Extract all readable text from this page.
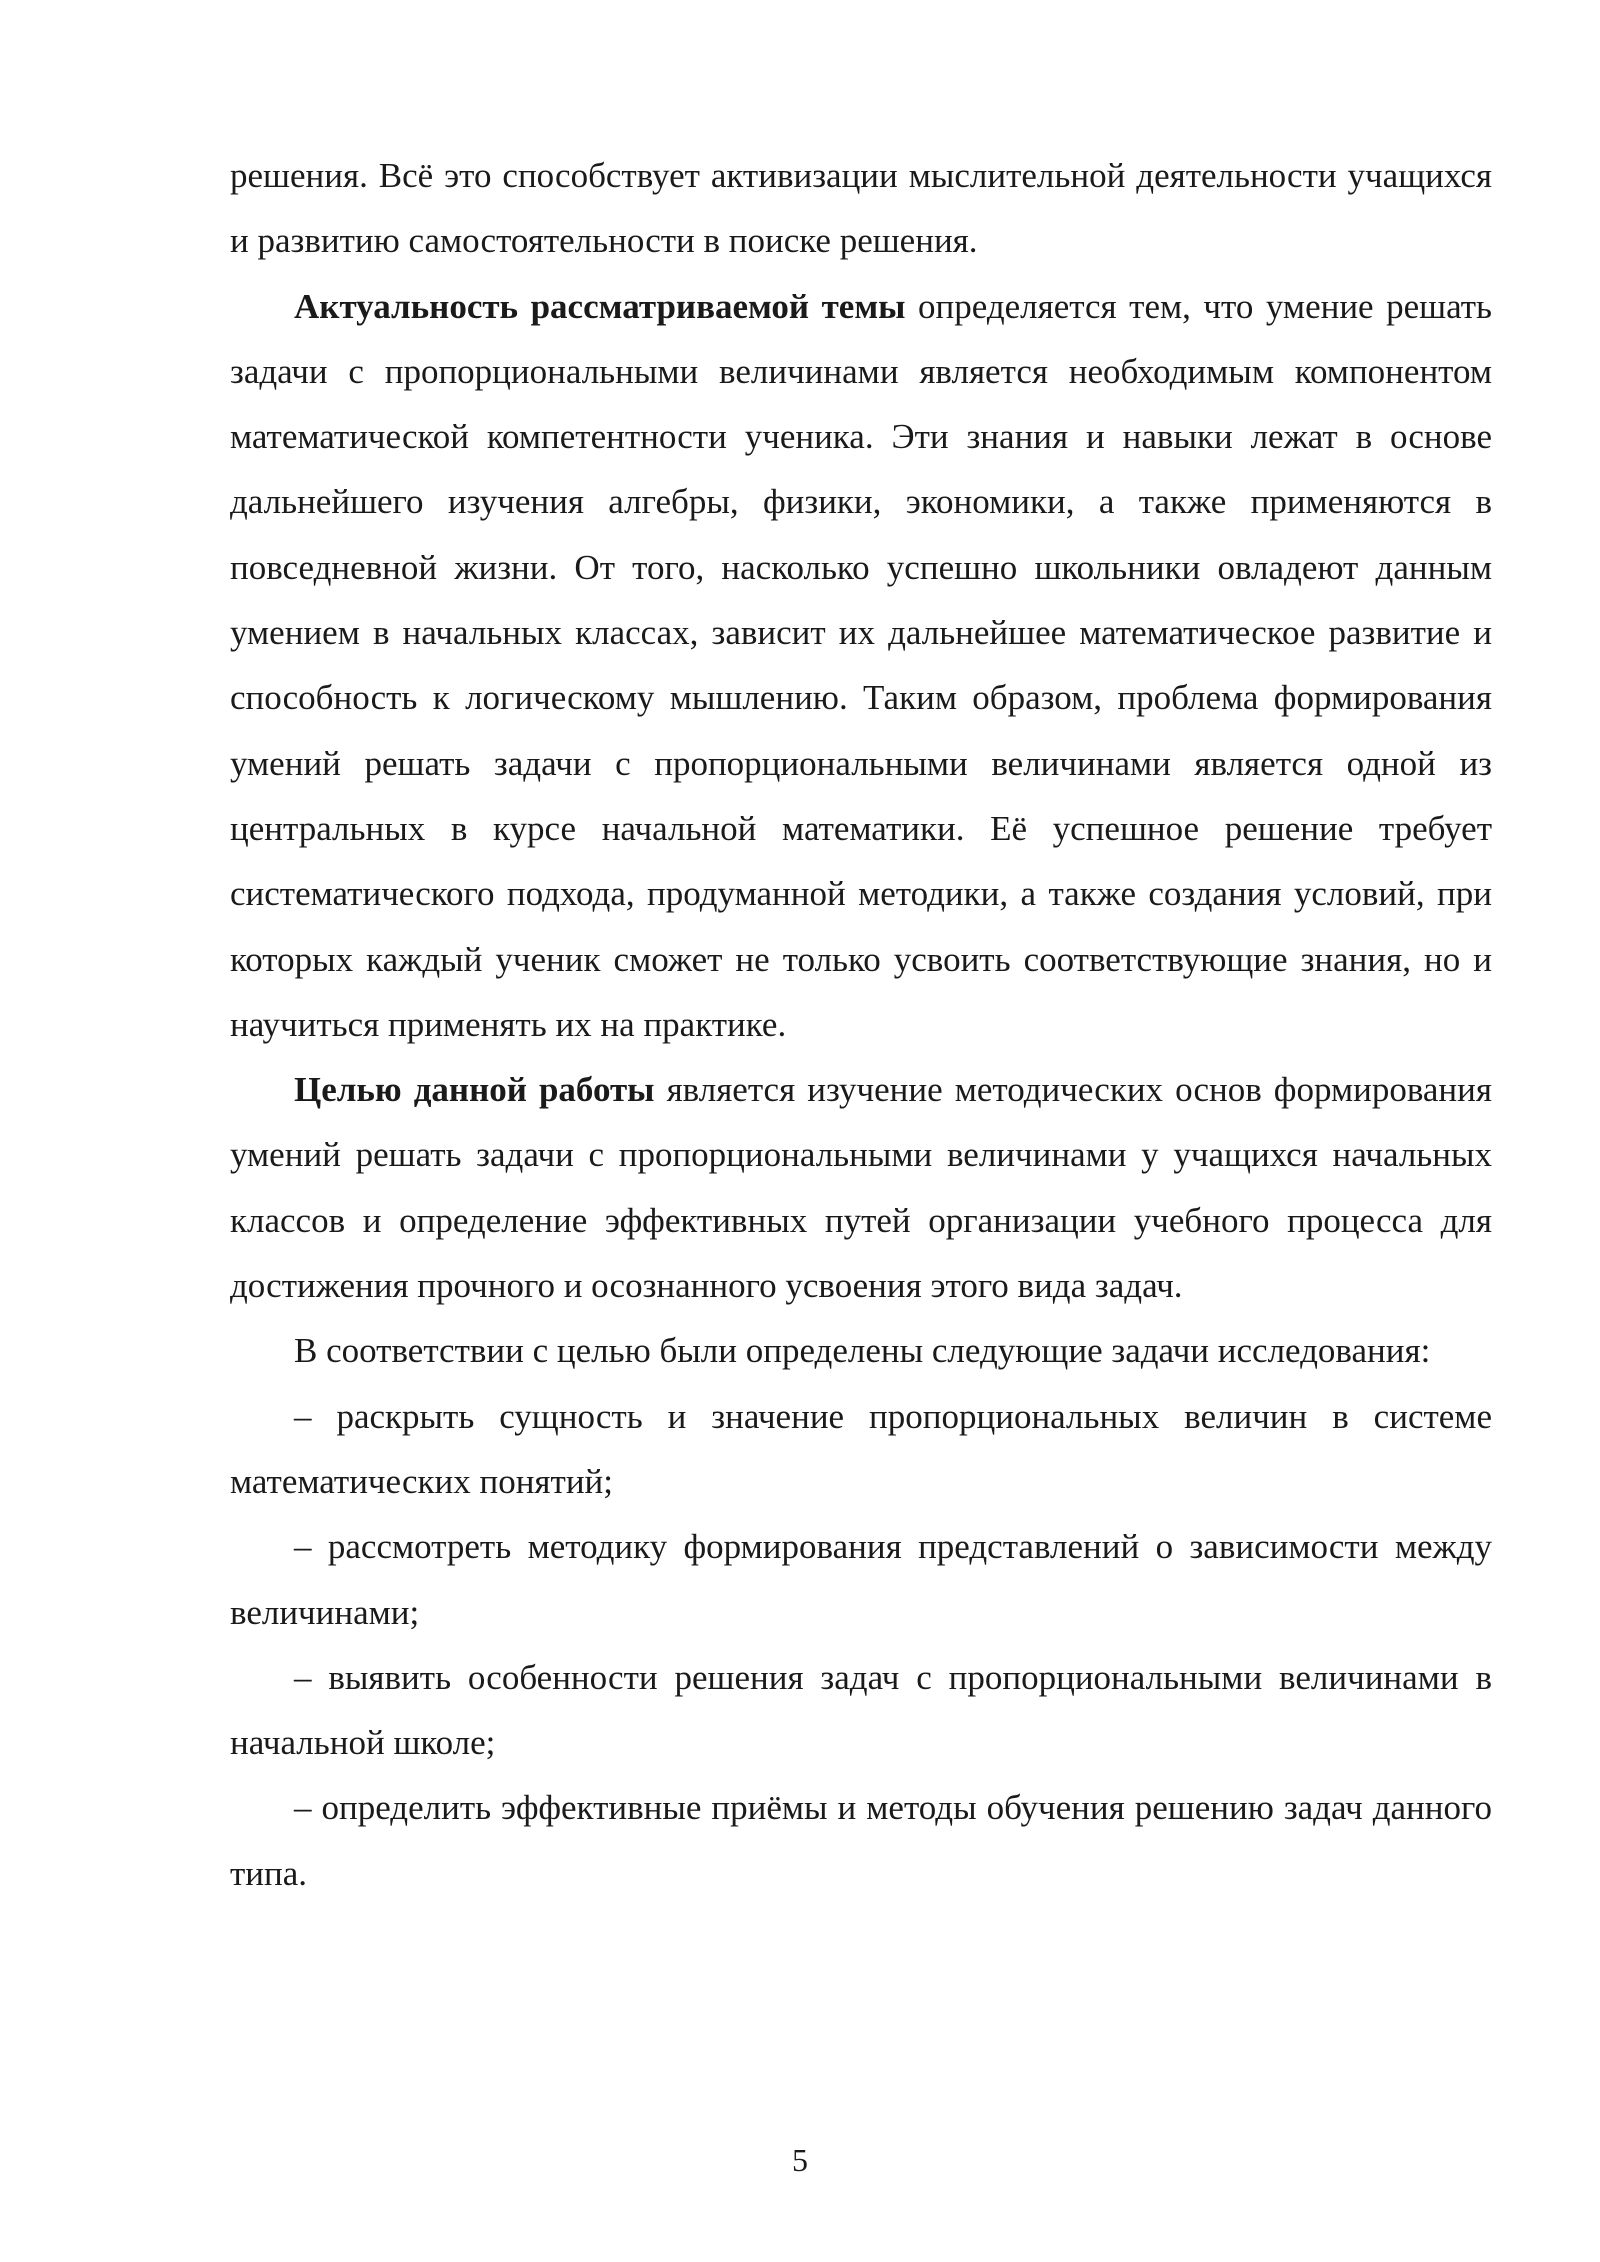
решения. Всё это способствует активизации мыслительной деятельности учащихся и развитию самостоятельности в поиске решения.

Актуальность рассматриваемой темы определяется тем, что умение решать задачи с пропорциональными величинами является необходимым компонентом математической компетентности ученика. Эти знания и навыки лежат в основе дальнейшего изучения алгебры, физики, экономики, а также применяются в повседневной жизни. От того, насколько успешно школьники овладеют данным умением в начальных классах, зависит их дальнейшее математическое развитие и способность к логическому мышлению. Таким образом, проблема формирования умений решать задачи с пропорциональными величинами является одной из центральных в курсе начальной математики. Её успешное решение требует систематического подхода, продуманной методики, а также создания условий, при которых каждый ученик сможет не только усвоить соответствующие знания, но и научиться применять их на практике.

Целью данной работы является изучение методических основ формирования умений решать задачи с пропорциональными величинами у учащихся начальных классов и определение эффективных путей организации учебного процесса для достижения прочного и осознанного усвоения этого вида задач.

В соответствии с целью были определены следующие задачи исследования:

– раскрыть сущность и значение пропорциональных величин в системе математических понятий;

– рассмотреть методику формирования представлений о зависимости между величинами;

– выявить особенности решения задач с пропорциональными величинами в начальной школе;

– определить эффективные приёмы и методы обучения решению задач данного типа.

5
